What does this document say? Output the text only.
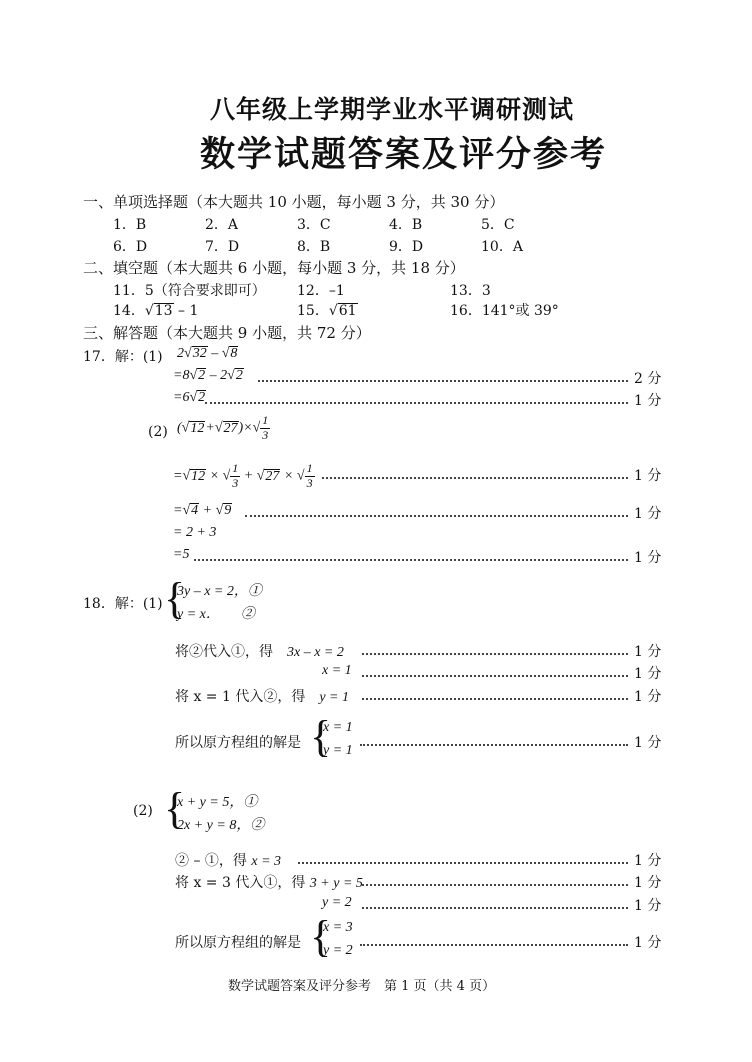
八年级上学期学业水平调研测试
数学试题答案及评分参考
一、单项选择题（本大题共 10 小题，每小题 3 分，共 30 分）
1．B	2．A	3．C	4．B	5．C
6．D	7．D	8．B	9．D	10．A
二、填空题（本大题共 6 小题，每小题 3 分，共 18 分）
11．5（符合要求即可） 12．–1	13．3
14．√13 – 1	15．√61	16．141°或 39°
三、解答题（本大题共 9 小题，共 72 分）
17．解：(1) 2√32 – √8
=8√2 – 2√2	2 分
=6√2	1 分
(2) $(√12+√27)\times√ \frac{1}{3}$
=√12 × √ $\frac{1}{3} + √27$ × √ $\frac{1}{3}$	1 分
=√4 + √9	1 分
= 2 + 3
=5	1 分
18．解：(1) {
3y – x = 2，①
y = x．　　②
将②代入①，得　 3x – x = 2	1 分
x = 1	1 分
将 x = 1 代入②，得　 y = 1	1 分
所以原方程组的解是 {
x = 1
y = 1	1 分
(2) {
x + y = 5，①
2x + y = 8，②
② – ①，得 x = 3	1 分
将 x = 3 代入①，得 3 + y = 5	1 分
y = 2	1 分
所以原方程组的解是 {
x = 3
y = 2	1 分
数学试题答案及评分参考　第 1 页（共 4 页）
